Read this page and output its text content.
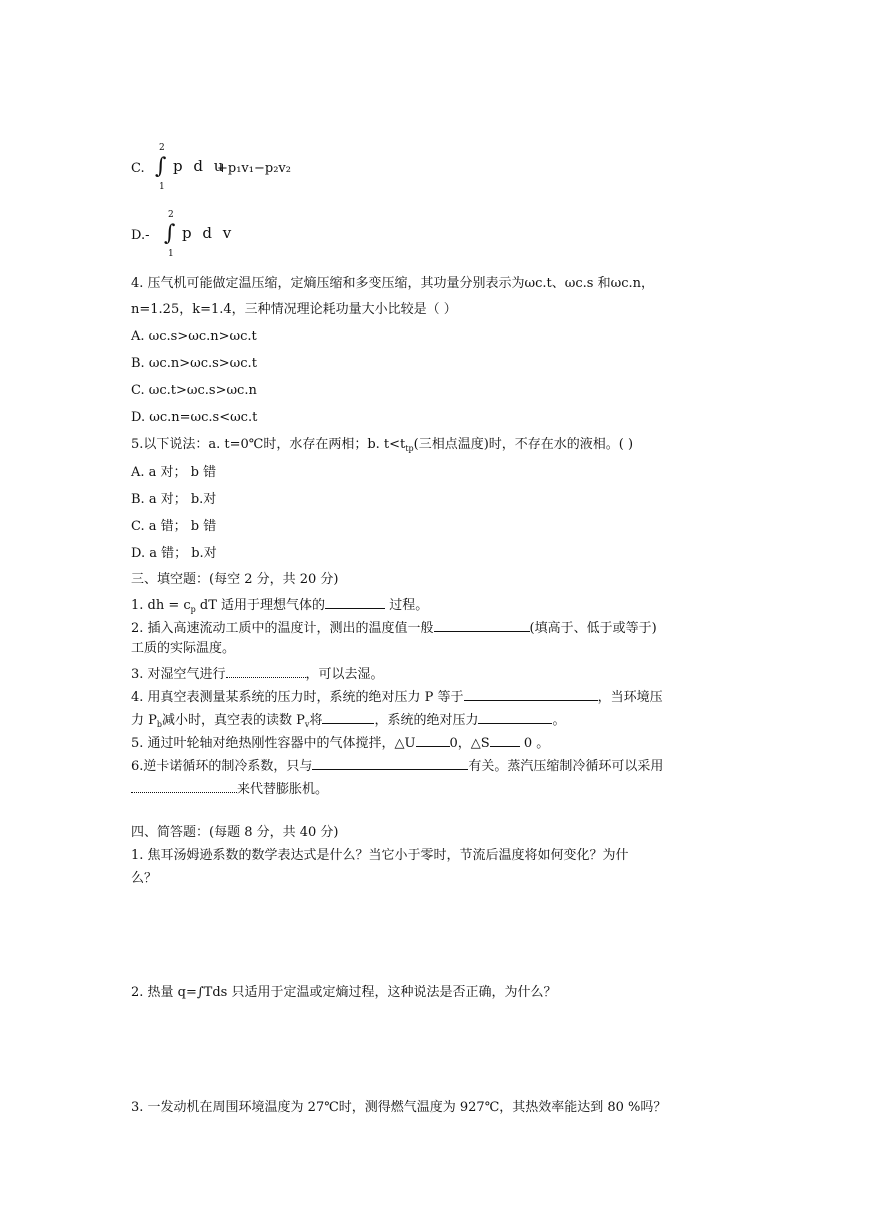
C.
2
∫
1
p d u
+p₁v₁−p₂v₂
D.-
2
∫
1
p d v
4. 压气机可能做定温压缩，定熵压缩和多变压缩，其功量分别表示为ωc.t、ωc.s 和ωc.n，
n=1.25，k=1.4，三种情况理论耗功量大小比较是（ ）
A. ωc.s>ωc.n>ωc.t
B. ωc.n>ωc.s>ωc.t
C. ωc.t>ωc.s>ωc.n
D. ωc.n=ωc.s<ωc.t
5.以下说法：a. t=0℃时，水存在两相；b. $t<t_{tp}$(三相点温度)时，不存在水的液相。( )
A. a 对； b 错
B. a 对； b.对
C. a 错； b 错
D. a 错； b.对
三、填空题：(每空 2 分，共 20 分)
1. dh = $c_p$ dT 适用于理想气体的	过程。
2. 插入高速流动工质中的温度计，测出的温度值一般	(填高于、低于或等于)
工质的实际温度。
3. 对湿空气进行	，可以去湿。
4. 用真空表测量某系统的压力时，系统的绝对压力 P 等于	，当环境压
力 $P_b$减小时，真空表的读数 $P_v$将	，系统的绝对压力	。
5. 通过叶轮轴对绝热刚性容器中的气体搅拌，△U	0，△S 0 。
6.逆卡诺循环的制冷系数，只与	有关。蒸汽压缩制冷循环可以采用
来代替膨胀机。
四、简答题：(每题 8 分，共 40 分)
1. 焦耳汤姆逊系数的数学表达式是什么？当它小于零时，节流后温度将如何变化？为什
么？
2. 热量 q=∫Tds 只适用于定温或定熵过程，这种说法是否正确，为什么？
3. 一发动机在周围环境温度为 27℃时，测得燃气温度为 927℃，其热效率能达到 80 %吗？
